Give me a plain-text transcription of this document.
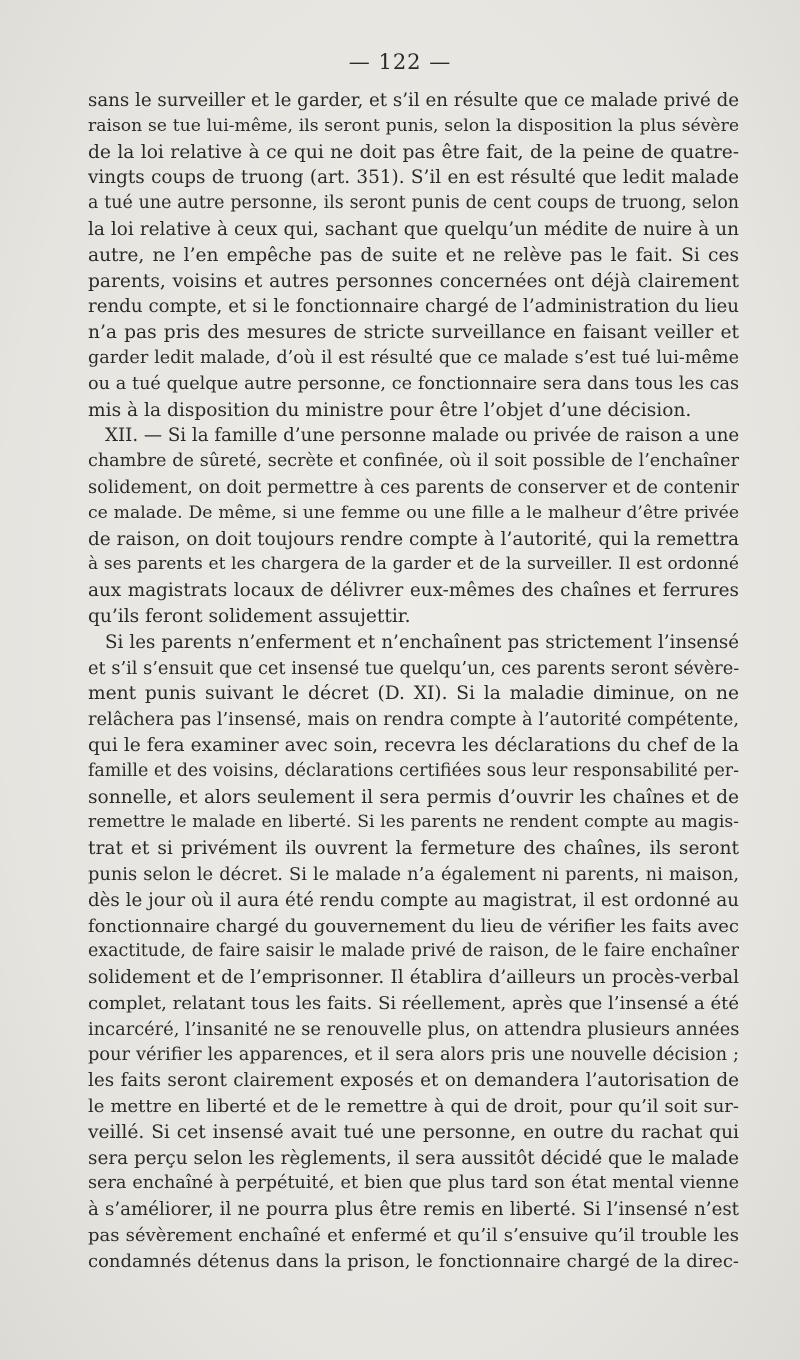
— 122 —
sans le surveiller et le garder, et s’il en résulte que ce malade privé de
raison se tue lui-même, ils seront punis, selon la disposition la plus sévère
de la loi relative à ce qui ne doit pas être fait, de la peine de quatre-
vingts coups de truong (art. 351). S’il en est résulté que ledit malade
a tué une autre personne, ils seront punis de cent coups de truong, selon
la loi relative à ceux qui, sachant que quelqu’un médite de nuire à un
autre, ne l’en empêche pas de suite et ne relève pas le fait. Si ces
parents, voisins et autres personnes concernées ont déjà clairement
rendu compte, et si le fonctionnaire chargé de l’administration du lieu
n’a pas pris des mesures de stricte surveillance en faisant veiller et
garder ledit malade, d’où il est résulté que ce malade s’est tué lui-même
ou a tué quelque autre personne, ce fonctionnaire sera dans tous les cas
mis à la disposition du ministre pour être l’objet d’une décision.
XII. — Si la famille d’une personne malade ou privée de raison a une
chambre de sûreté, secrète et confinée, où il soit possible de l’enchaîner
solidement, on doit permettre à ces parents de conserver et de contenir
ce malade. De même, si une femme ou une fille a le malheur d’être privée
de raison, on doit toujours rendre compte à l’autorité, qui la remettra
à ses parents et les chargera de la garder et de la surveiller. Il est ordonné
aux magistrats locaux de délivrer eux-mêmes des chaînes et ferrures
qu’ils feront solidement assujettir.
Si les parents n’enferment et n’enchaînent pas strictement l’insensé
et s’il s’ensuit que cet insensé tue quelqu’un, ces parents seront sévère-
ment punis suivant le décret (D. XI). Si la maladie diminue, on ne
relâchera pas l’insensé, mais on rendra compte à l’autorité compétente,
qui le fera examiner avec soin, recevra les déclarations du chef de la
famille et des voisins, déclarations certifiées sous leur responsabilité per-
sonnelle, et alors seulement il sera permis d’ouvrir les chaînes et de
remettre le malade en liberté. Si les parents ne rendent compte au magis-
trat et si privément ils ouvrent la fermeture des chaînes, ils seront
punis selon le décret. Si le malade n’a également ni parents, ni maison,
dès le jour où il aura été rendu compte au magistrat, il est ordonné au
fonctionnaire chargé du gouvernement du lieu de vérifier les faits avec
exactitude, de faire saisir le malade privé de raison, de le faire enchaîner
solidement et de l’emprisonner. Il établira d’ailleurs un procès-verbal
complet, relatant tous les faits. Si réellement, après que l’insensé a été
incarcéré, l’insanité ne se renouvelle plus, on attendra plusieurs années
pour vérifier les apparences, et il sera alors pris une nouvelle décision ;
les faits seront clairement exposés et on demandera l’autorisation de
le mettre en liberté et de le remettre à qui de droit, pour qu’il soit sur-
veillé. Si cet insensé avait tué une personne, en outre du rachat qui
sera perçu selon les règlements, il sera aussitôt décidé que le malade
sera enchaîné à perpétuité, et bien que plus tard son état mental vienne
à s’améliorer, il ne pourra plus être remis en liberté. Si l’insensé n’est
pas sévèrement enchaîné et enfermé et qu’il s’ensuive qu’il trouble les
condamnés détenus dans la prison, le fonctionnaire chargé de la direc-
